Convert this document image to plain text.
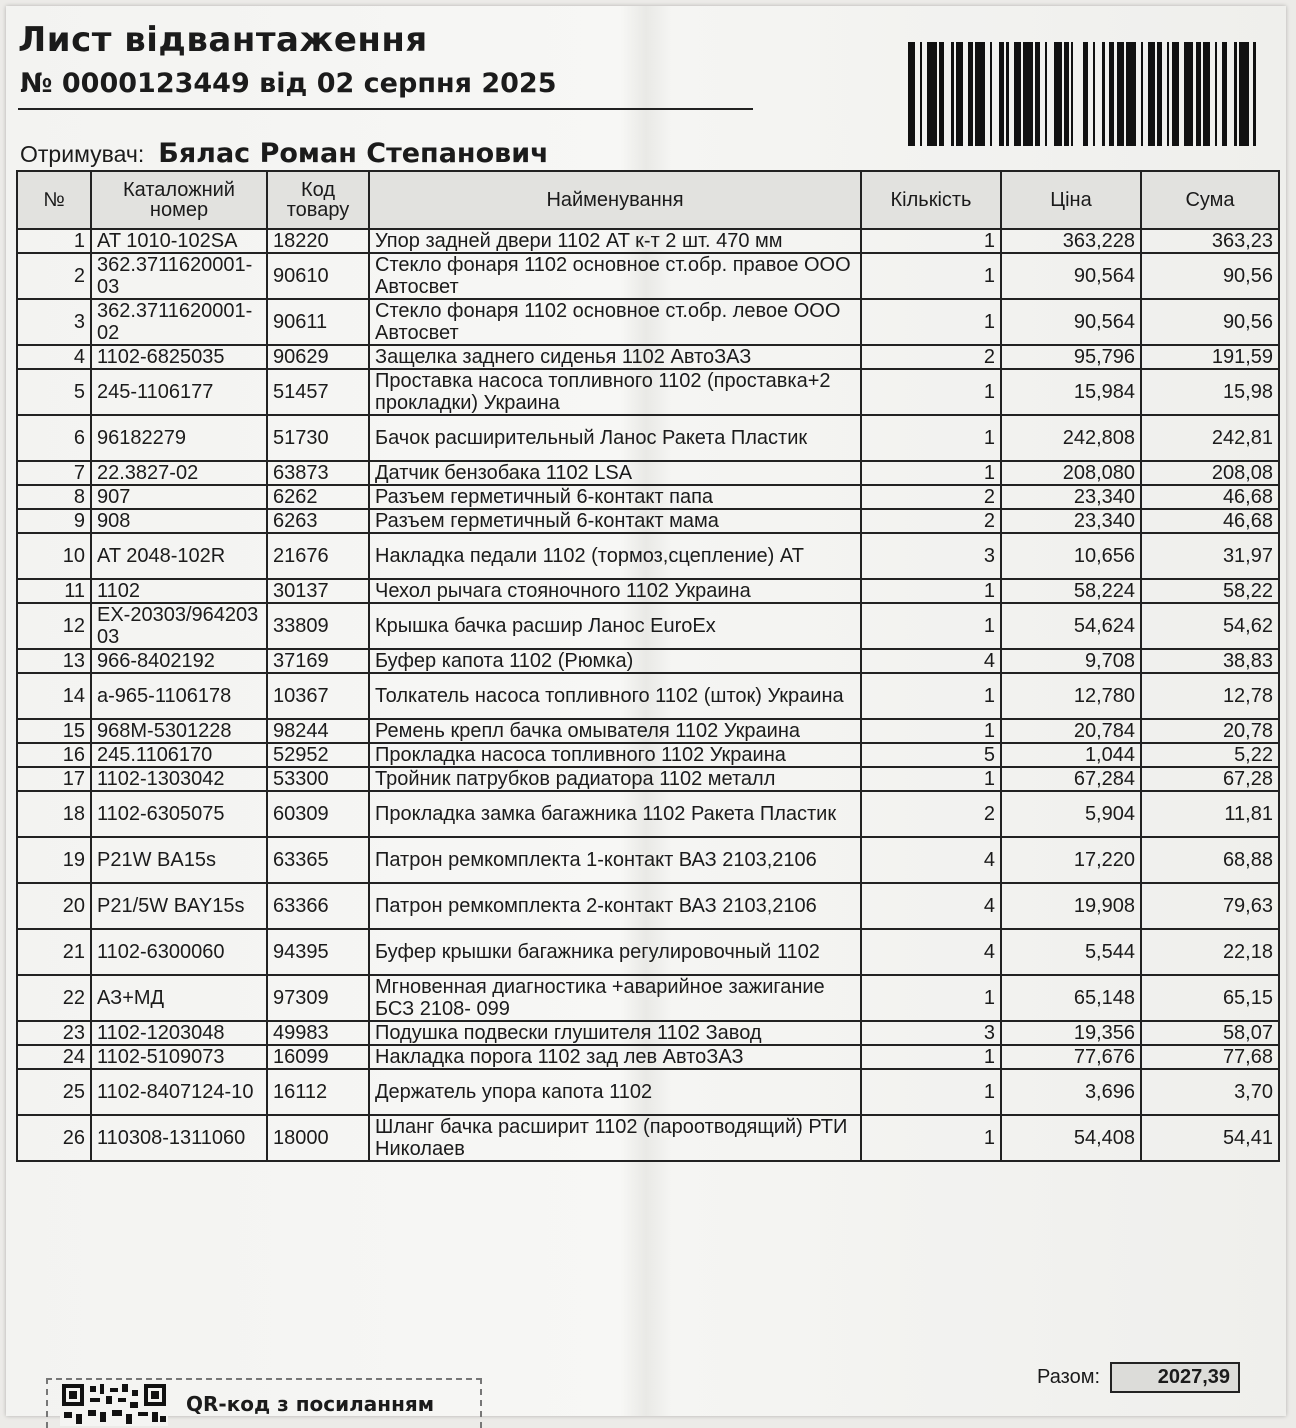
Лист відвантаження
№ 0000123449 від 02 серпня 2025
Отримувач: Бялас Роман Степанович
№	Каталожний номер	Код товару	Найменування	Кількість	Ціна	Сума
1	AT 1010-102SA	18220	Упор задней двери 1102 AT к-т 2 шт. 470 мм	1	363,228	363,23
2	362.3711620001-03	90610	Стекло фонаря 1102 основное ст.обр. правое ООО Автосвет	1	90,564	90,56
3	362.3711620001-02	90611	Стекло фонаря 1102 основное ст.обр. левое ООО Автосвет	1	90,564	90,56
4	1102-6825035	90629	Защелка заднего сиденья 1102 АвтоЗАЗ	2	95,796	191,59
5	245-1106177	51457	Проставка насоса топливного 1102 (проставка+2 прокладки) Украина	1	15,984	15,98
6	96182279	51730	Бачок расширительный Ланос Ракета Пластик	1	242,808	242,81
7	22.3827-02	63873	Датчик бензобака 1102 LSA	1	208,080	208,08
8	907	6262	Разъем герметичный 6-контакт папа	2	23,340	46,68
9	908	6263	Разъем герметичный 6-контакт мама	2	23,340	46,68
10	AT 2048-102R	21676	Накладка педали 1102 (тормоз,сцепление) AT	3	10,656	31,97
11	1102	30137	Чехол рычага стояночного 1102 Украина	1	58,224	58,22
12	EX-20303/96420303	33809	Крышка бачка расшир Ланос EuroEx	1	54,624	54,62
13	966-8402192	37169	Буфер капота 1102 (Рюмка)	4	9,708	38,83
14	a-965-1106178	10367	Толкатель насоса топливного 1102 (шток) Украина	1	12,780	12,78
15	968M-5301228	98244	Ремень крепл бачка омывателя 1102 Украина	1	20,784	20,78
16	245.1106170	52952	Прокладка насоса топливного 1102 Украина	5	1,044	5,22
17	1102-1303042	53300	Тройник патрубков радиатора 1102 металл	1	67,284	67,28
18	1102-6305075	60309	Прокладка замка багажника 1102 Ракета Пластик	2	5,904	11,81
19	P21W BA15s	63365	Патрон ремкомплекта 1-контакт ВАЗ 2103,2106	4	17,220	68,88
20	P21/5W BAY15s	63366	Патрон ремкомплекта 2-контакт ВАЗ 2103,2106	4	19,908	79,63
21	1102-6300060	94395	Буфер крышки багажника регулировочный 1102	4	5,544	22,18
22	АЗ+МД	97309	Мгновенная диагностика +аварийное зажигание БСЗ 2108- 099	1	65,148	65,15
23	1102-1203048	49983	Подушка подвески глушителя 1102 Завод	3	19,356	58,07
24	1102-5109073	16099	Накладка порога 1102 зад лев АвтоЗАЗ	1	77,676	77,68
25	1102-8407124-10	16112	Держатель упора капота 1102	1	3,696	3,70
26	110308-1311060	18000	Шланг бачка расширит 1102 (пароотводящий) РТИ Николаев	1	54,408	54,41
Разом:	2027,39
QR-код з посиланням
